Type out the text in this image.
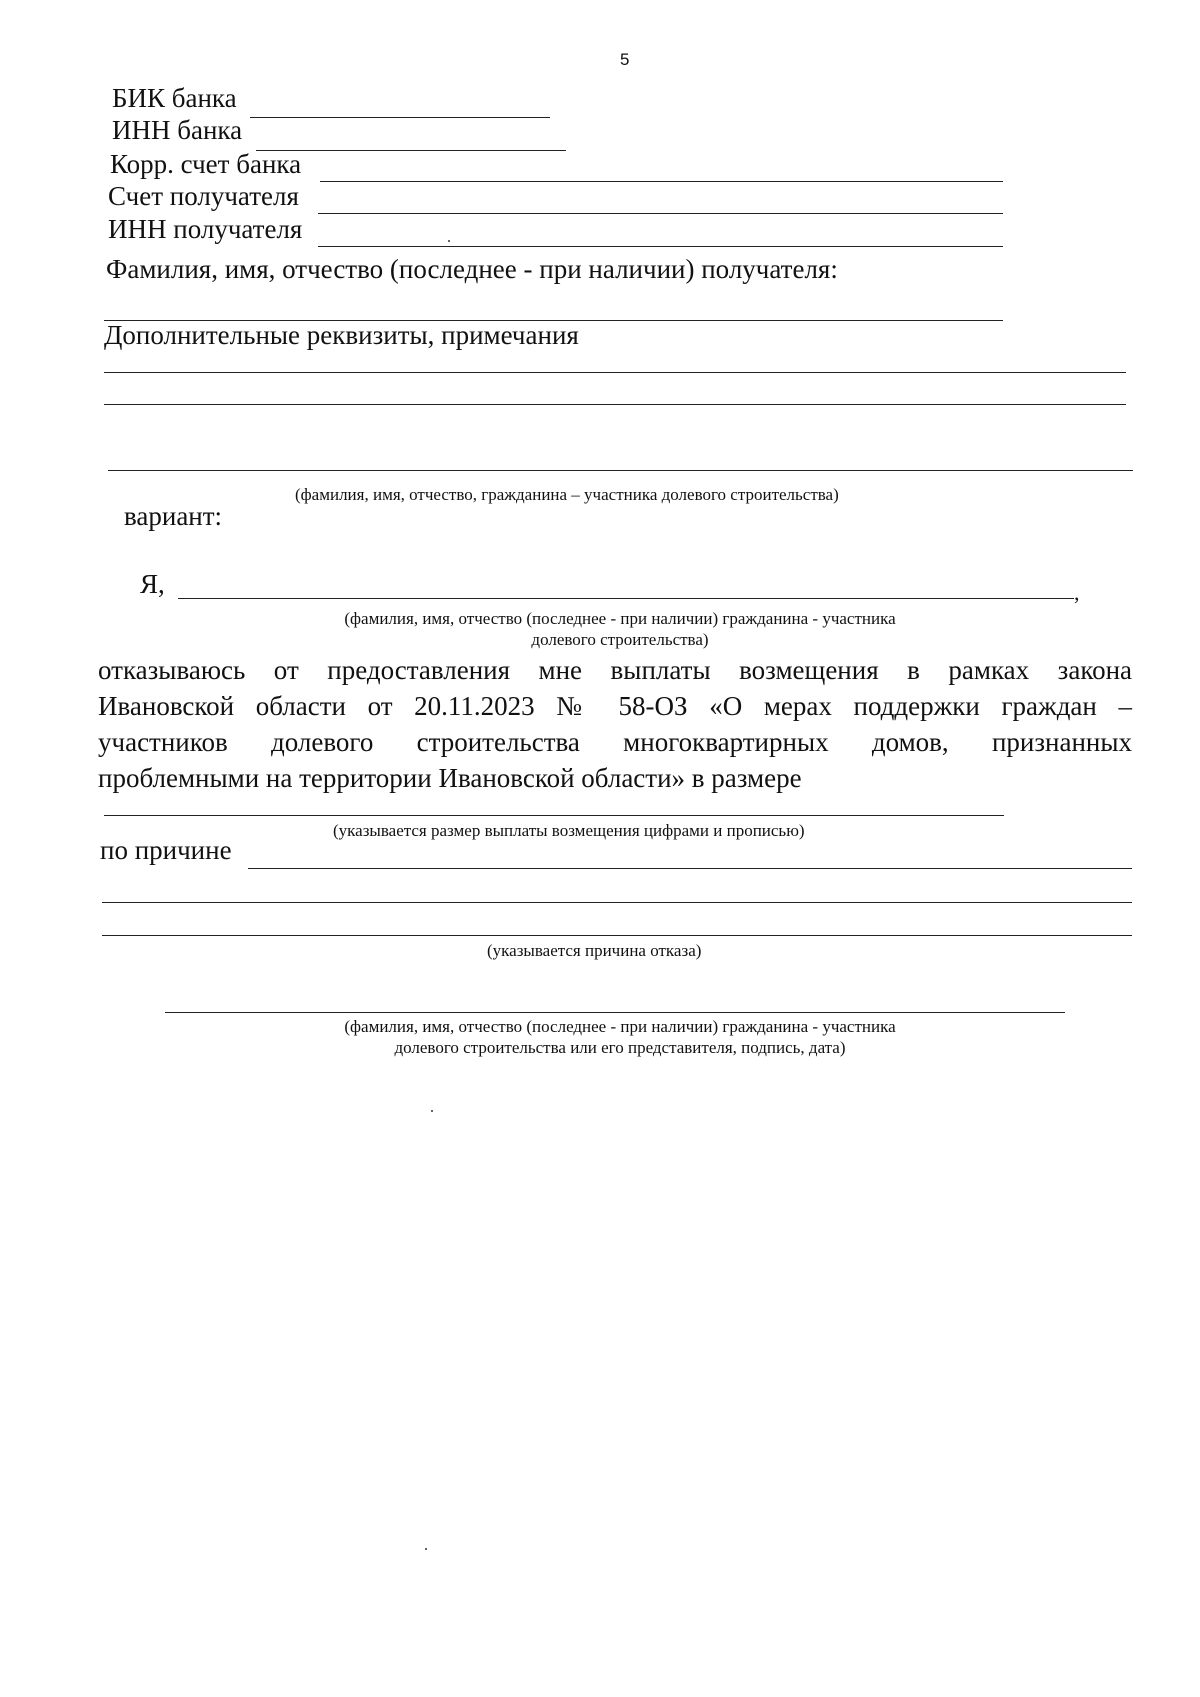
5
БИК банка
ИНН банка
Корр. счет банка
Счет получателя
ИНН получателя
Фамилия, имя, отчество (последнее - при наличии) получателя:
Дополнительные реквизиты, примечания
(фамилия, имя, отчество, гражданина – участника долевого строительства)
вариант:
Я,	,
(фамилия, имя, отчество (последнее - при наличии) гражданина - участника
долевого строительства)
отказываюсь от предоставления мне выплаты возмещения в рамках закона
Ивановской области от 20.11.2023 № 58-ОЗ «О мерах поддержки граждан –
участников долевого строительства многоквартирных домов, признанных
проблемными на территории Ивановской области» в размере
(указывается размер выплаты возмещения цифрами и прописью)
по причине
(указывается причина отказа)
(фамилия, имя, отчество (последнее - при наличии) гражданина - участника
долевого строительства или его представителя, подпись, дата)
